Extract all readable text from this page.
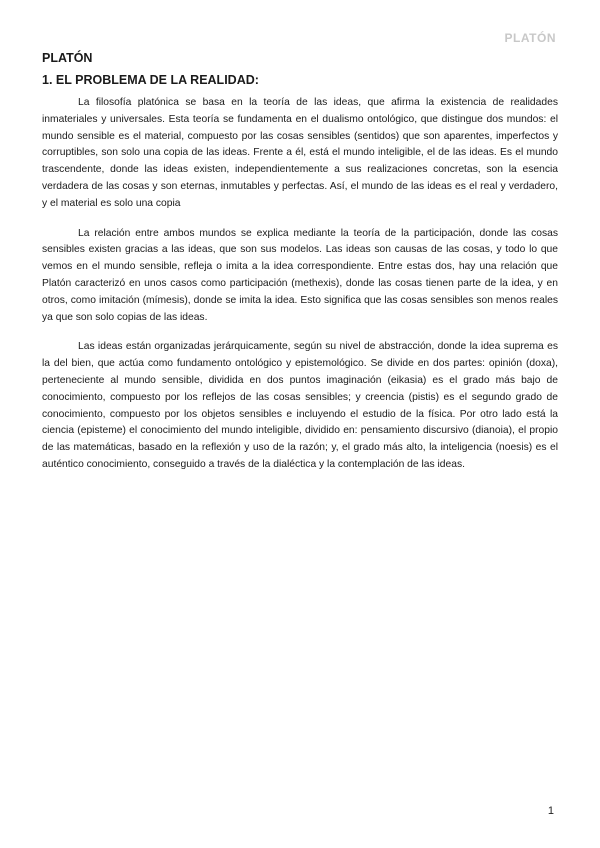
PLATÓN
PLATÓN
1. EL PROBLEMA DE LA REALIDAD:

La filosofía platónica se basa en la teoría de las ideas, que afirma la existencia de realidades inmateriales y universales. Esta teoría se fundamenta en el dualismo ontológico, que distingue dos mundos: el mundo sensible es el material, compuesto por las cosas sensibles (sentidos) que son aparentes, imperfectos y corruptibles, son solo una copia de las ideas. Frente a él, está el mundo inteligible, el de las ideas. Es el mundo trascendente, donde las ideas existen, independientemente a sus realizaciones concretas, son la esencia verdadera de las cosas y son eternas, inmutables y perfectas. Así, el mundo de las ideas es el real y verdadero, y el material es solo una copia

La relación entre ambos mundos se explica mediante la teoría de la participación, donde las cosas sensibles existen gracias a las ideas, que son sus modelos. Las ideas son causas de las cosas, y todo lo que vemos en el mundo sensible, refleja o imita a la idea correspondiente. Entre estas dos, hay una relación que Platón caracterizó en unos casos como participación (methexis), donde las cosas tienen parte de la idea, y en otros, como imitación (mímesis), donde se imita la idea. Esto significa que las cosas sensibles son menos reales ya que son solo copias de las ideas.

Las ideas están organizadas jerárquicamente, según su nivel de abstracción, donde la idea suprema es la del bien, que actúa como fundamento ontológico y epistemológico. Se divide en dos partes: opinión (doxa), perteneciente al mundo sensible, dividida en dos puntos imaginación (eikasia) es el grado más bajo de conocimiento, compuesto por los reflejos de las cosas sensibles; y creencia (pistis) es el segundo grado de conocimiento, compuesto por los objetos sensibles e incluyendo el estudio de la física. Por otro lado está la ciencia (episteme) el conocimiento del mundo inteligible, dividido en: pensamiento discursivo (dianoia), el propio de las matemáticas, basado en la reflexión y uso de la razón; y, el grado más alto, la inteligencia (noesis) es el auténtico conocimiento, conseguido a través de la dialéctica y la contemplación de las ideas.

1
